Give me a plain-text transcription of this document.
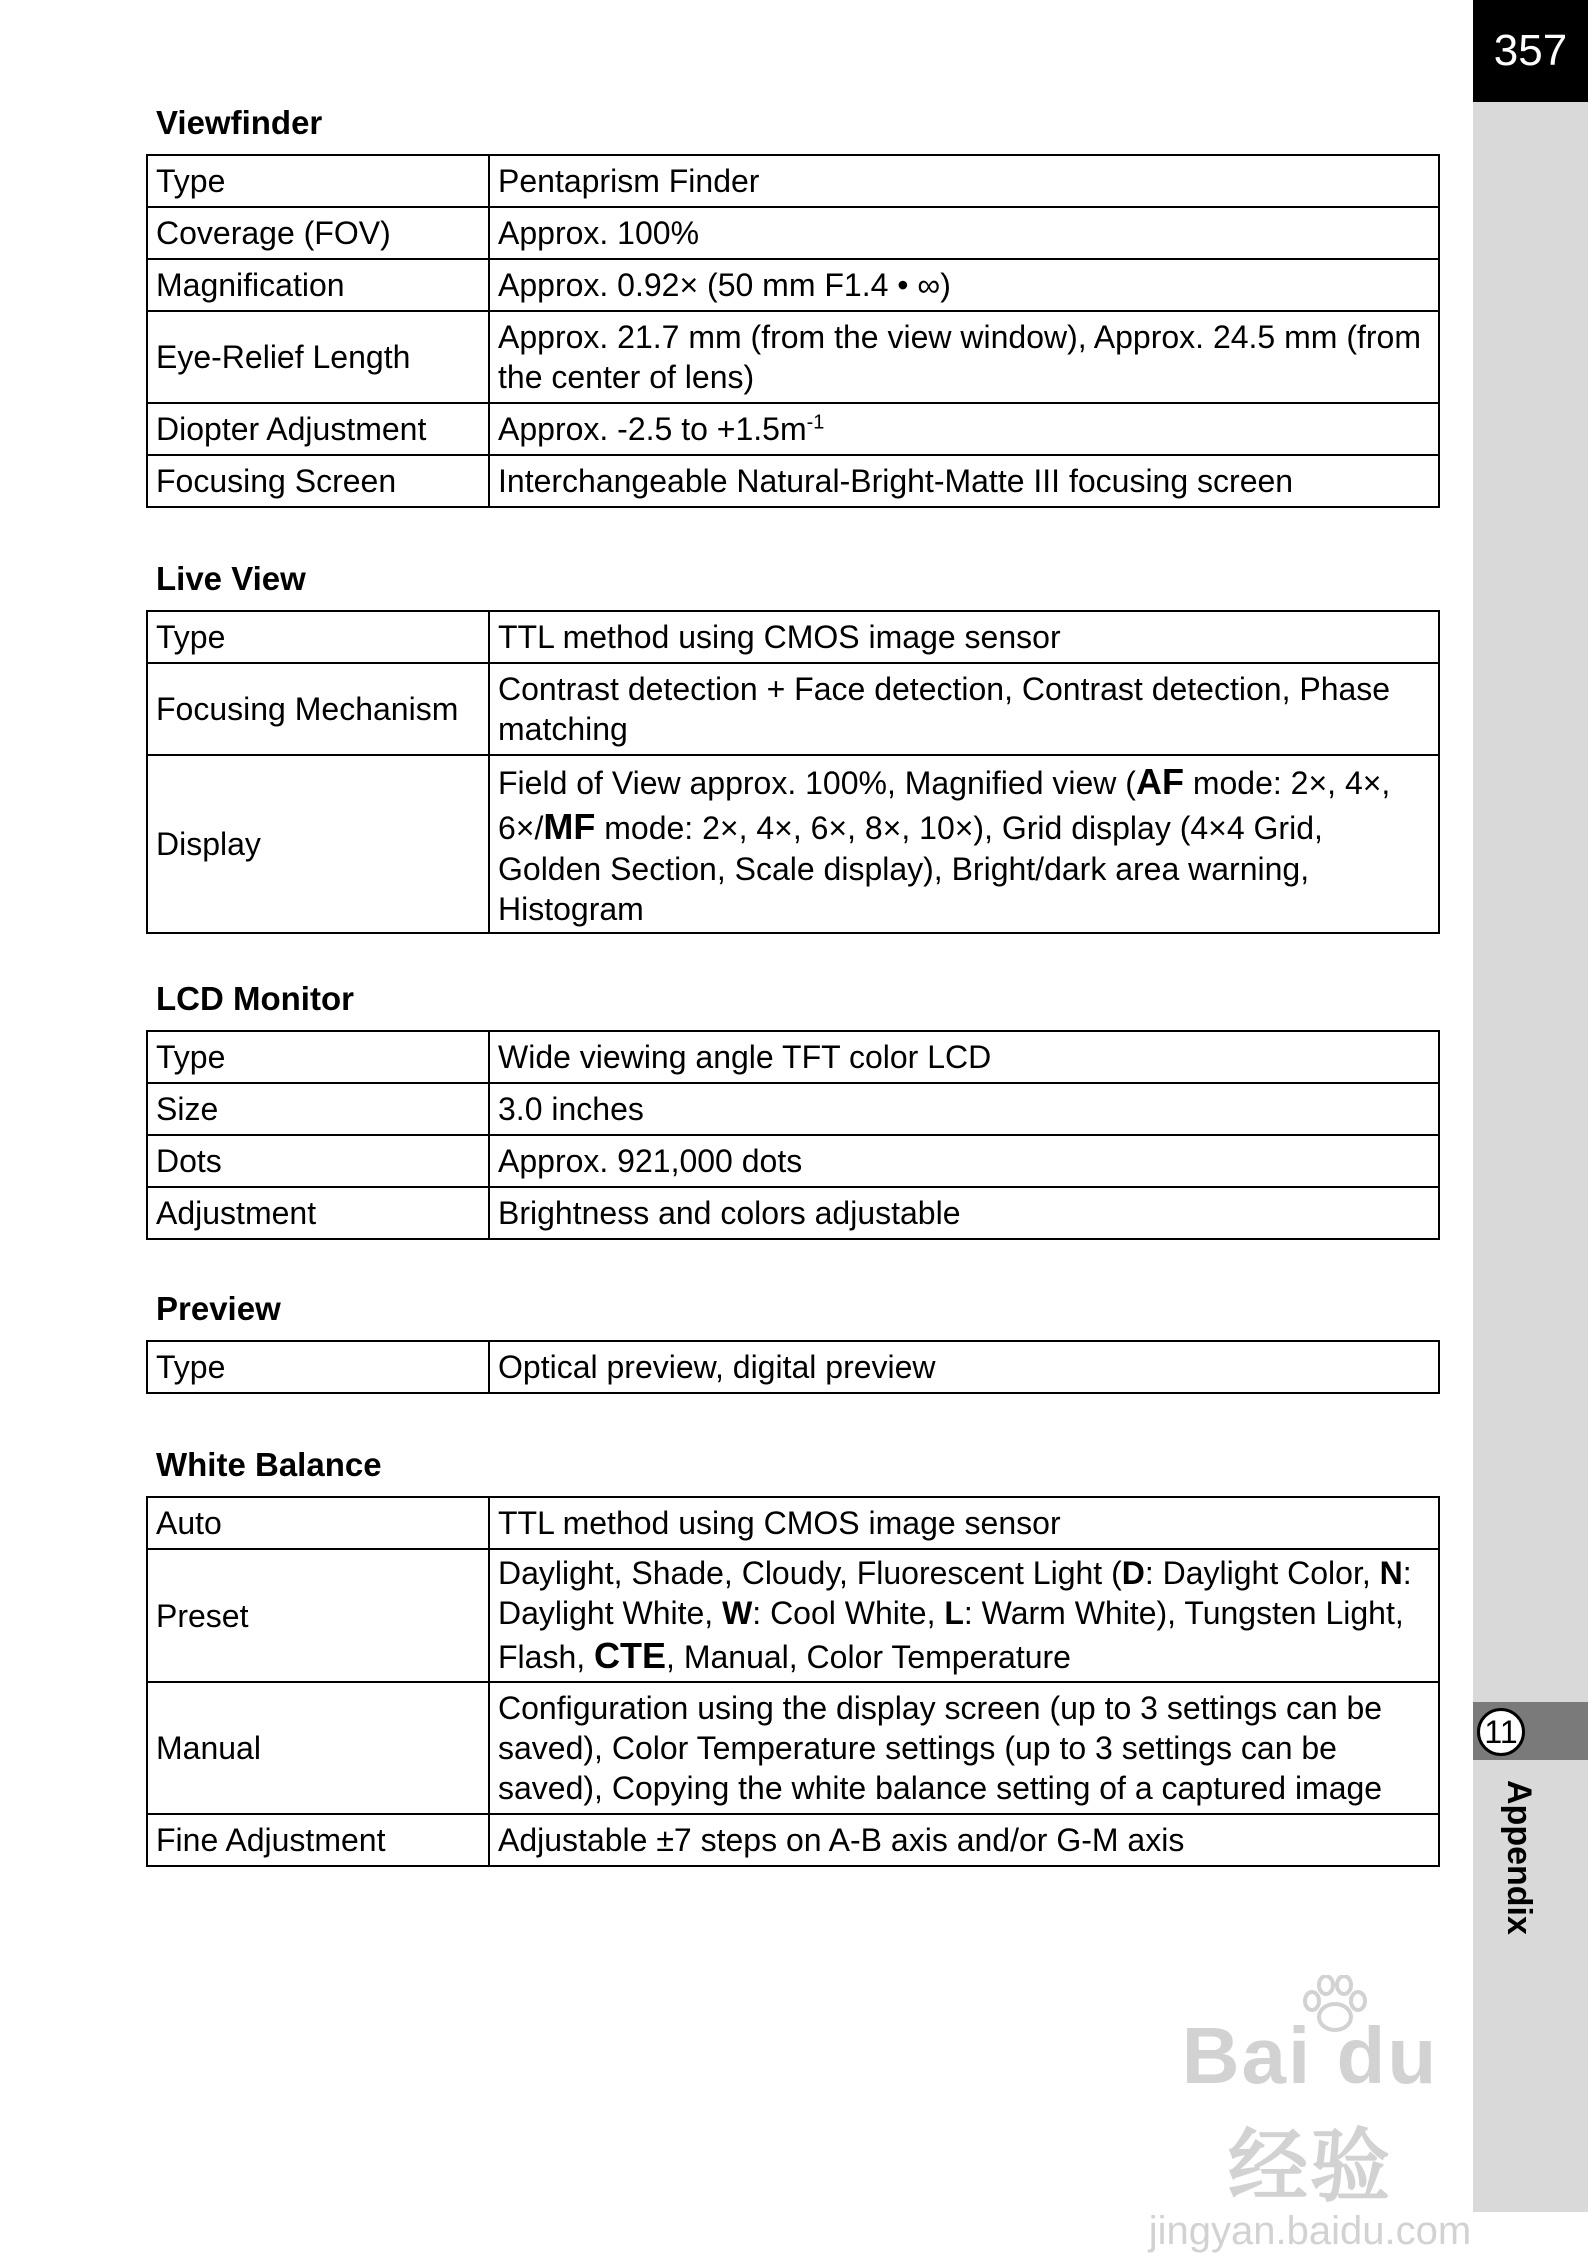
357
11
Appendix
Viewfinder
Type	Pentaprism Finder
Coverage (FOV)	Approx. 100%
Magnification	Approx. 0.92× (50 mm F1.4 • ∞)
Eye-Relief Length	Approx. 21.7 mm (from the view window), Approx. 24.5 mm (from the center of lens)
Diopter Adjustment	Approx. -2.5 to $+1.5m^{-1}$
Focusing Screen	Interchangeable Natural-Bright-Matte III focusing screen
Live View
Type	TTL method using CMOS image sensor
Focusing Mechanism	Contrast detection + Face detection, Contrast detection, Phase matching
Display	Field of View approx. 100%, Magnified view (AF mode: 2×, 4×, 6×/MF mode: 2×, 4×, 6×, 8×, 10×), Grid display (4×4 Grid, Golden Section, Scale display), Bright/dark area warning, Histogram
LCD Monitor
Type	Wide viewing angle TFT color LCD
Size	3.0 inches
Dots	Approx. 921,000 dots
Adjustment	Brightness and colors adjustable
Preview
Type	Optical preview, digital preview
White Balance
Auto	TTL method using CMOS image sensor
Preset	Daylight, Shade, Cloudy, Fluorescent Light (D: Daylight Color, N: Daylight White, W: Cool White, L: Warm White), Tungsten Light, Flash, CTE, Manual, Color Temperature
Manual	Configuration using the display screen (up to 3 settings can be saved), Color Temperature settings (up to 3 settings can be saved), Copying the white balance setting of a captured image
Fine Adjustment	Adjustable ±7 steps on A-B axis and/or G-M axis
Bai du 经验
jingyan.baidu.com
